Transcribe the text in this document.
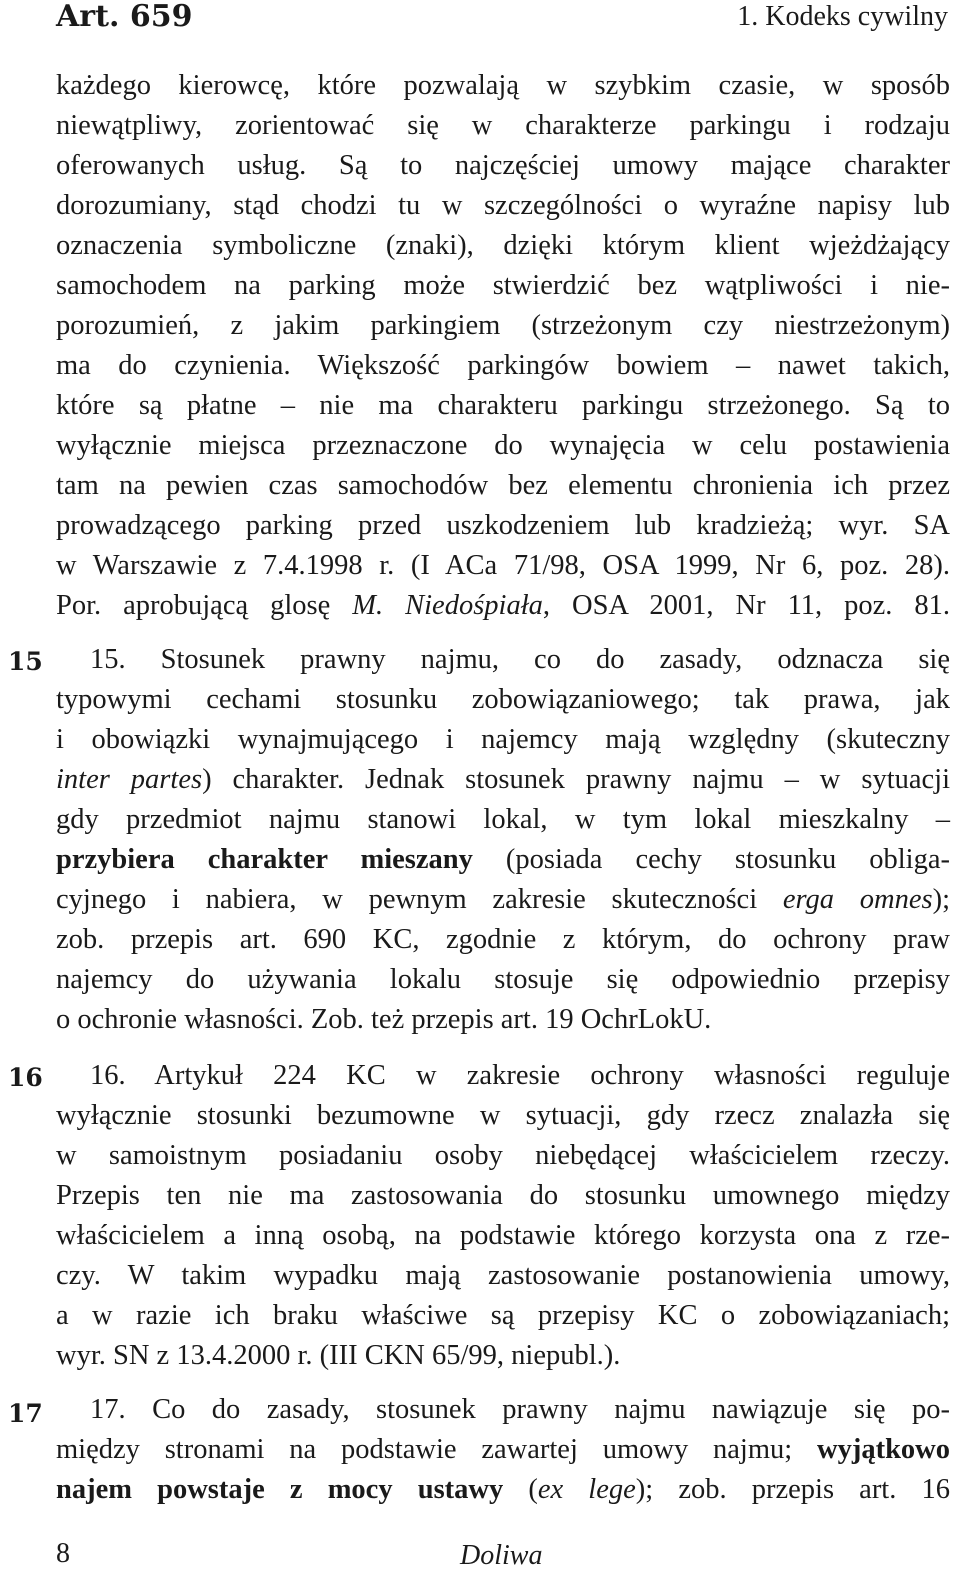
Art. 659	1. Kodeks cywilny
każdego kierowcę, które pozwalają w szybkim czasie, w sposób
niewątpliwy, zorientować się w charakterze parkingu i rodzaju
oferowanych usług. Są to najczęściej umowy mające charakter
dorozumiany, stąd chodzi tu w szczególności o wyraźne napisy lub
oznaczenia symboliczne (znaki), dzięki którym klient wjeżdżający
samochodem na parking może stwierdzić bez wątpliwości i nie-
porozumień, z jakim parkingiem (strzeżonym czy niestrzeżonym)
ma do czynienia. Większość parkingów bowiem – nawet takich,
które są płatne – nie ma charakteru parkingu strzeżonego. Są to
wyłącznie miejsca przeznaczone do wynajęcia w celu postawienia
tam na pewien czas samochodów bez elementu chronienia ich przez
prowadzącego parking przed uszkodzeniem lub kradzieżą; wyr. SA
w Warszawie z 7.4.1998 r. (I ACa 71/98, OSA 1999, Nr 6, poz. 28).
Por. aprobującą glosę M. Niedośpiała, OSA 2001, Nr 11, poz. 81.
15 15. Stosunek prawny najmu, co do zasady, odznacza się
typowymi cechami stosunku zobowiązaniowego; tak prawa, jak
i obowiązki wynajmującego i najemcy mają względny (skuteczny
inter partes) charakter. Jednak stosunek prawny najmu – w sytuacji
gdy przedmiot najmu stanowi lokal, w tym lokal mieszkalny –
przybiera charakter mieszany (posiada cechy stosunku obliga-
cyjnego i nabiera, w pewnym zakresie skuteczności erga omnes);
zob. przepis art. 690 KC, zgodnie z którym, do ochrony praw
najemcy do używania lokalu stosuje się odpowiednio przepisy
o ochronie własności. Zob. też przepis art. 19 OchrLokU.
16 16. Artykuł 224 KC w zakresie ochrony własności reguluje
wyłącznie stosunki bezumowne w sytuacji, gdy rzecz znalazła się
w samoistnym posiadaniu osoby niebędącej właścicielem rzeczy.
Przepis ten nie ma zastosowania do stosunku umownego między
właścicielem a inną osobą, na podstawie którego korzysta ona z rze-
czy. W takim wypadku mają zastosowanie postanowienia umowy,
a w razie ich braku właściwe są przepisy KC o zobowiązaniach;
wyr. SN z 13.4.2000 r. (III CKN 65/99, niepubl.).
17 17. Co do zasady, stosunek prawny najmu nawiązuje się po-
między stronami na podstawie zawartej umowy najmu; wyjątkowo
najem powstaje z mocy ustawy (ex lege); zob. przepis art. 16
8	Doliwa
